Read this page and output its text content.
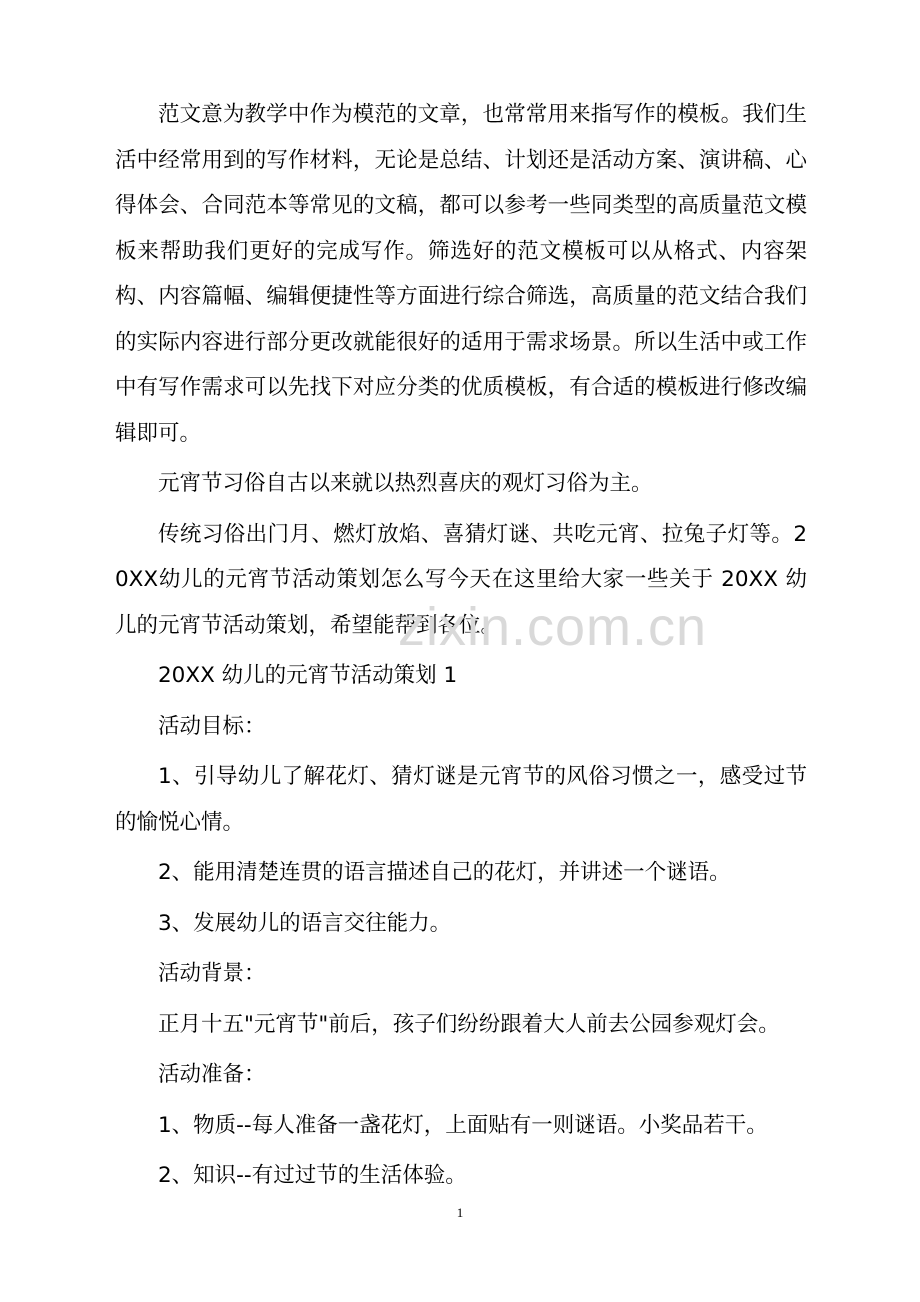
范文意为教学中作为模范的文章，也常常用来指写作的模板。我们生活中经常用到的写作材料，无论是总结、计划还是活动方案、演讲稿、心得体会、合同范本等常见的文稿，都可以参考一些同类型的高质量范文模板来帮助我们更好的完成写作。筛选好的范文模板可以从格式、内容架构、内容篇幅、编辑便捷性等方面进行综合筛选，高质量的范文结合我们的实际内容进行部分更改就能很好的适用于需求场景。所以生活中或工作中有写作需求可以先找下对应分类的优质模板，有合适的模板进行修改编辑即可。

元宵节习俗自古以来就以热烈喜庆的观灯习俗为主。

传统习俗出门月、燃灯放焰、喜猜灯谜、共吃元宵、拉兔子灯等。20XX幼儿的元宵节活动策划怎么写今天在这里给大家一些关于 20XX 幼儿的元宵节活动策划，希望能帮到各位。

20XX 幼儿的元宵节活动策划 1

活动目标：

1、引导幼儿了解花灯、猜灯谜是元宵节的风俗习惯之一，感受过节的愉悦心情。

2、能用清楚连贯的语言描述自己的花灯，并讲述一个谜语。

3、发展幼儿的语言交往能力。

活动背景：

正月十五"元宵节"前后，孩子们纷纷跟着大人前去公园参观灯会。

活动准备：

1、物质--每人准备一盏花灯，上面贴有一则谜语。小奖品若干。

2、知识--有过过节的生活体验。

zixin.com.cn
1
